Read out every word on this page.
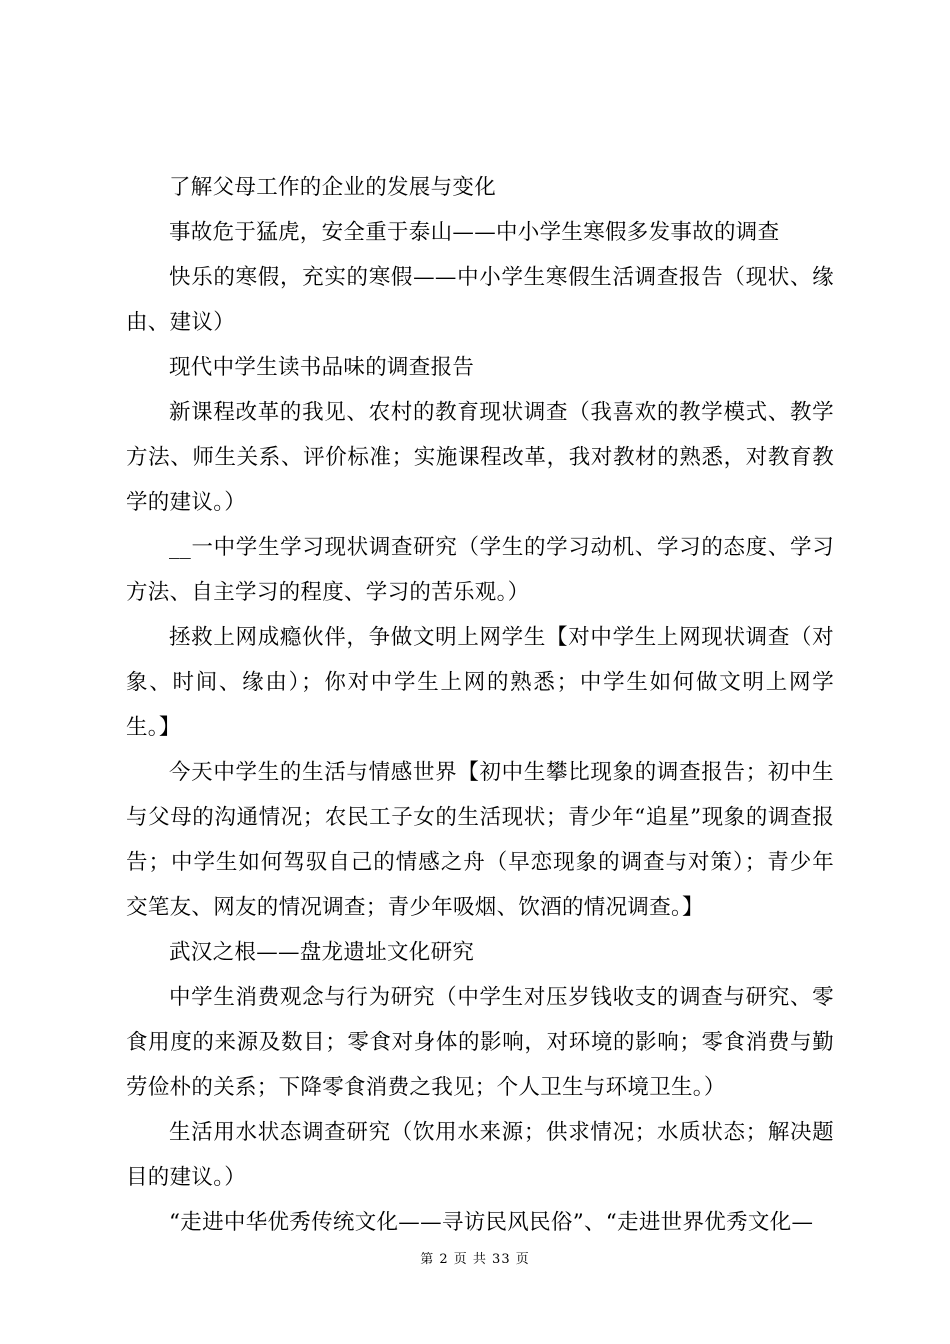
了解父母工作的企业的发展与变化

事故危于猛虎，安全重于泰山——中小学生寒假多发事故的调查

快乐的寒假，充实的寒假——中小学生寒假生活调查报告（现状、缘由、建议）

现代中学生读书品味的调查报告

新课程改革的我见、农村的教育现状调查（我喜欢的教学模式、教学方法、师生关系、评价标准；实施课程改革，我对教材的熟悉，对教育教学的建议。）

__一中学生学习现状调查研究（学生的学习动机、学习的态度、学习方法、自主学习的程度、学习的苦乐观。）

拯救上网成瘾伙伴，争做文明上网学生【对中学生上网现状调查（对象、时间、缘由）；你对中学生上网的熟悉；中学生如何做文明上网学生。】

今天中学生的生活与情感世界【初中生攀比现象的调查报告；初中生与父母的沟通情况；农民工子女的生活现状；青少年“追星”现象的调查报告；中学生如何驾驭自己的情感之舟（早恋现象的调查与对策）；青少年交笔友、网友的情况调查；青少年吸烟、饮酒的情况调查。】

武汉之根——盘龙遗址文化研究

中学生消费观念与行为研究（中学生对压岁钱收支的调查与研究、零食用度的来源及数目；零食对身体的影响，对环境的影响；零食消费与勤劳俭朴的关系；下降零食消费之我见；个人卫生与环境卫生。）

生活用水状态调查研究（饮用水来源；供求情况；水质状态；解决题目的建议。）

“走进中华优秀传统文化——寻访民风民俗”、“走进世界优秀文化—

第 2 页 共 33 页
